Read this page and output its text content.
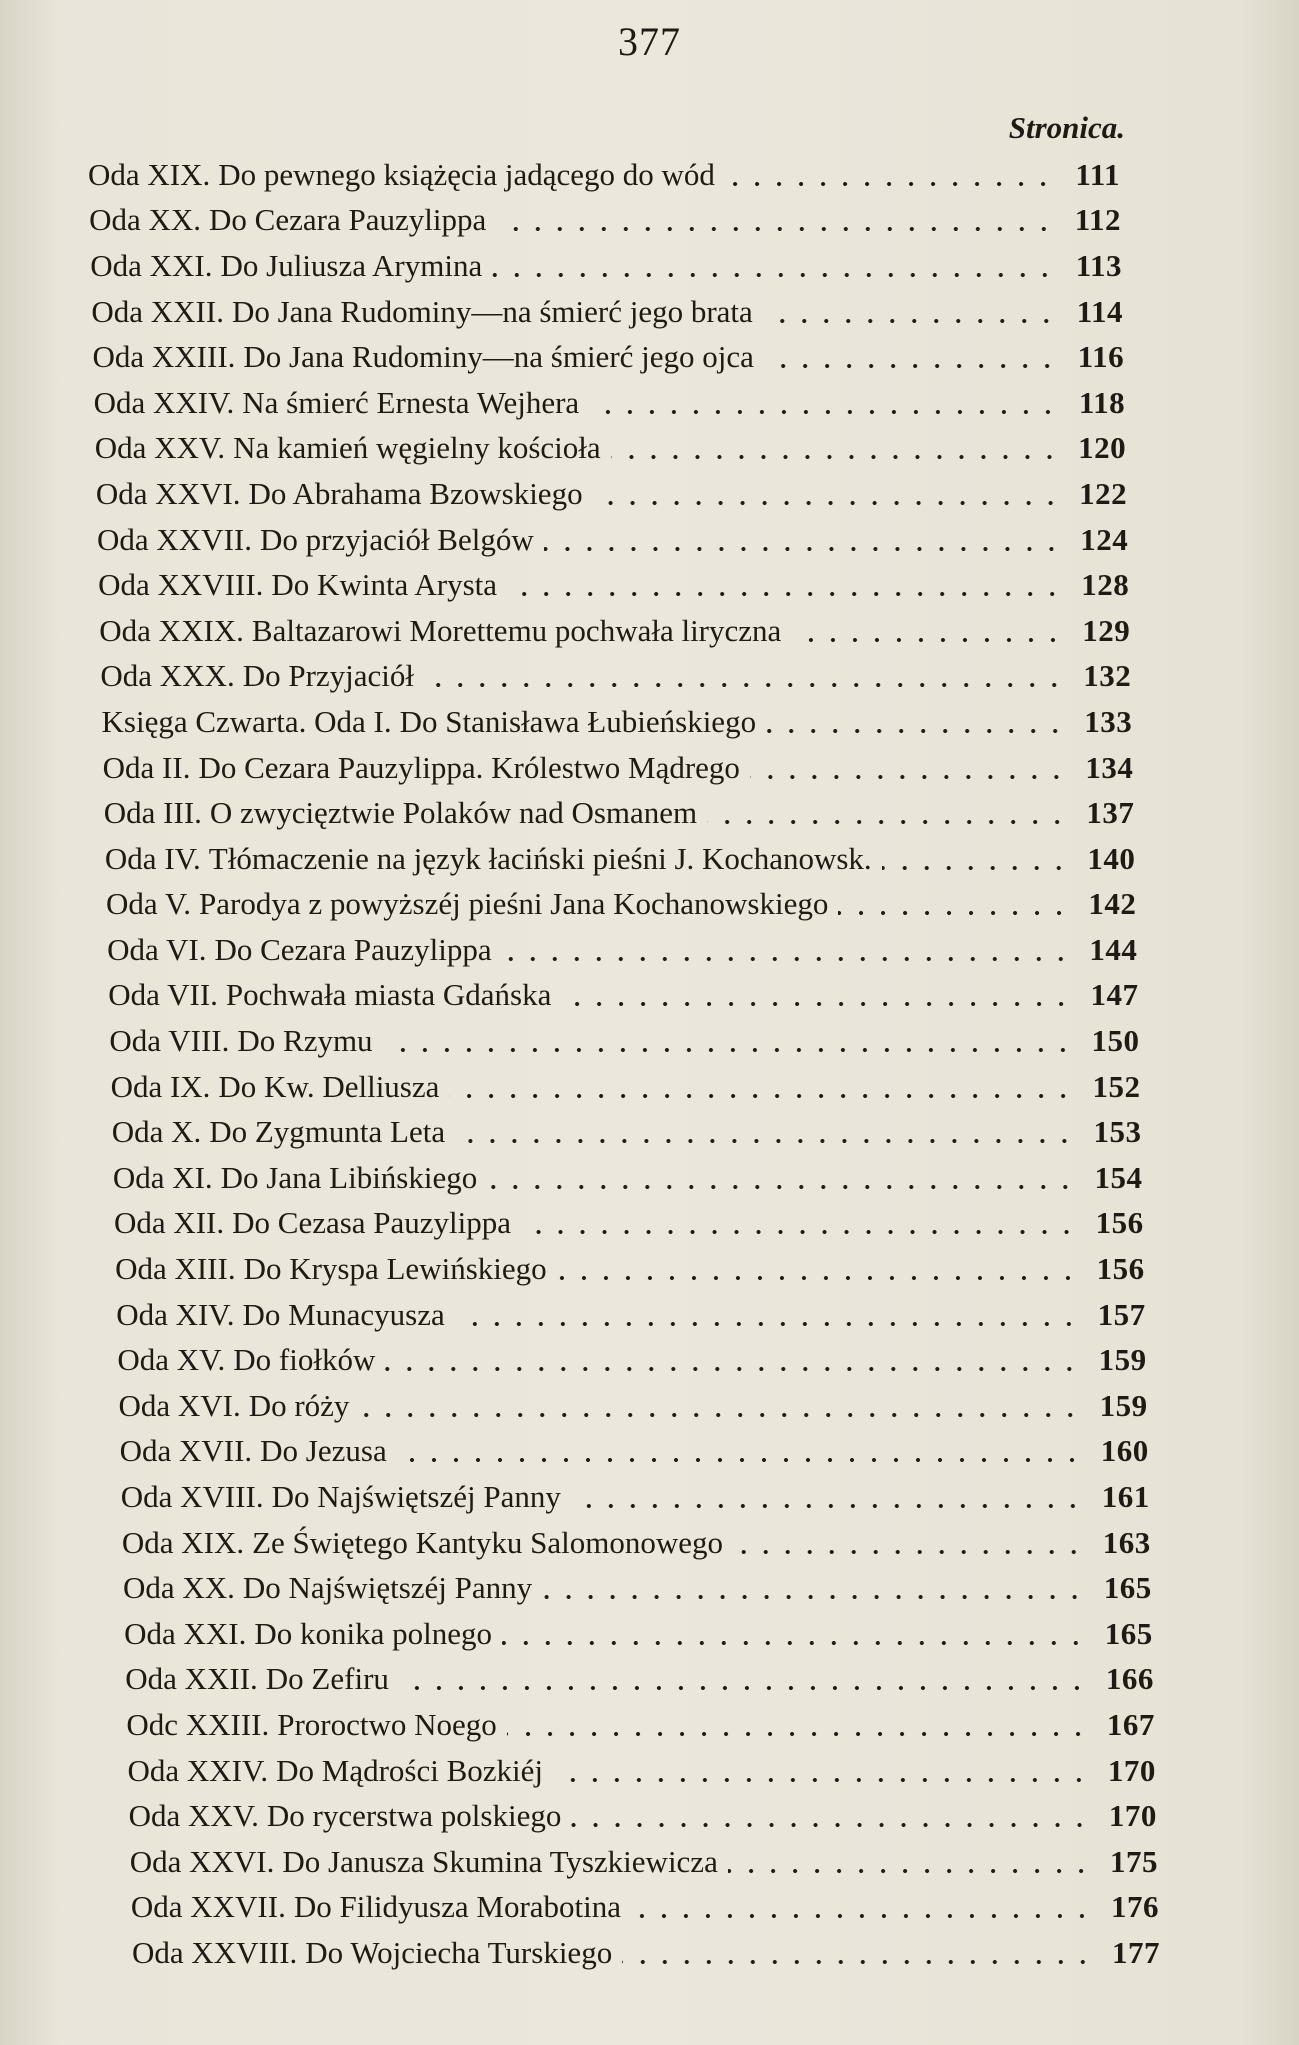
377
Stronica.
Oda XIX. Do pewnego książęcia jadącego do wód	111
Oda XX. Do Cezara Pauzylippa	112
Oda XXI. Do Juliusza Arymina	113
Oda XXII. Do Jana Rudominy—na śmierć jego brata	114
Oda XXIII. Do Jana Rudominy—na śmierć jego ojca	116
Oda XXIV. Na śmierć Ernesta Wejhera	118
Oda XXV. Na kamień węgielny kościoła	120
Oda XXVI. Do Abrahama Bzowskiego	122
Oda XXVII. Do przyjaciół Belgów	124
Oda XXVIII. Do Kwinta Arysta	128
Oda XXIX. Baltazarowi Morettemu pochwała liryczna	129
Oda XXX. Do Przyjaciół	132
Księga Czwarta. Oda I. Do Stanisława Łubieńskiego	133
Oda II. Do Cezara Pauzylippa. Królestwo Mądrego	134
Oda III. O zwycięztwie Polaków nad Osmanem	137
Oda IV. Tłómaczenie na język łaciński pieśni J. Kochanowsk.	140
Oda V. Parodya z powyższéj pieśni Jana Kochanowskiego	142
Oda VI. Do Cezara Pauzylippa	144
Oda VII. Pochwała miasta Gdańska	147
Oda VIII. Do Rzymu	150
Oda IX. Do Kw. Delliusza	152
Oda X. Do Zygmunta Leta	153
Oda XI. Do Jana Libińskiego	154
Oda XII. Do Cezasa Pauzylippa	156
Oda XIII. Do Kryspa Lewińskiego	156
Oda XIV. Do Munacyusza	157
Oda XV. Do fiołków	159
Oda XVI. Do róży	159
Oda XVII. Do Jezusa	160
Oda XVIII. Do Najświętszéj Panny	161
Oda XIX. Ze Świętego Kantyku Salomonowego	163
Oda XX. Do Najświętszéj Panny	165
Oda XXI. Do konika polnego	165
Oda XXII. Do Zefiru	166
Odc XXIII. Proroctwo Noego	167
Oda XXIV. Do Mądrości Bozkiéj	170
Oda XXV. Do rycerstwa polskiego	170
Oda XXVI. Do Janusza Skumina Tyszkiewicza	175
Oda XXVII. Do Filidyusza Morabotina	176
Oda XXVIII. Do Wojciecha Turskiego	177
